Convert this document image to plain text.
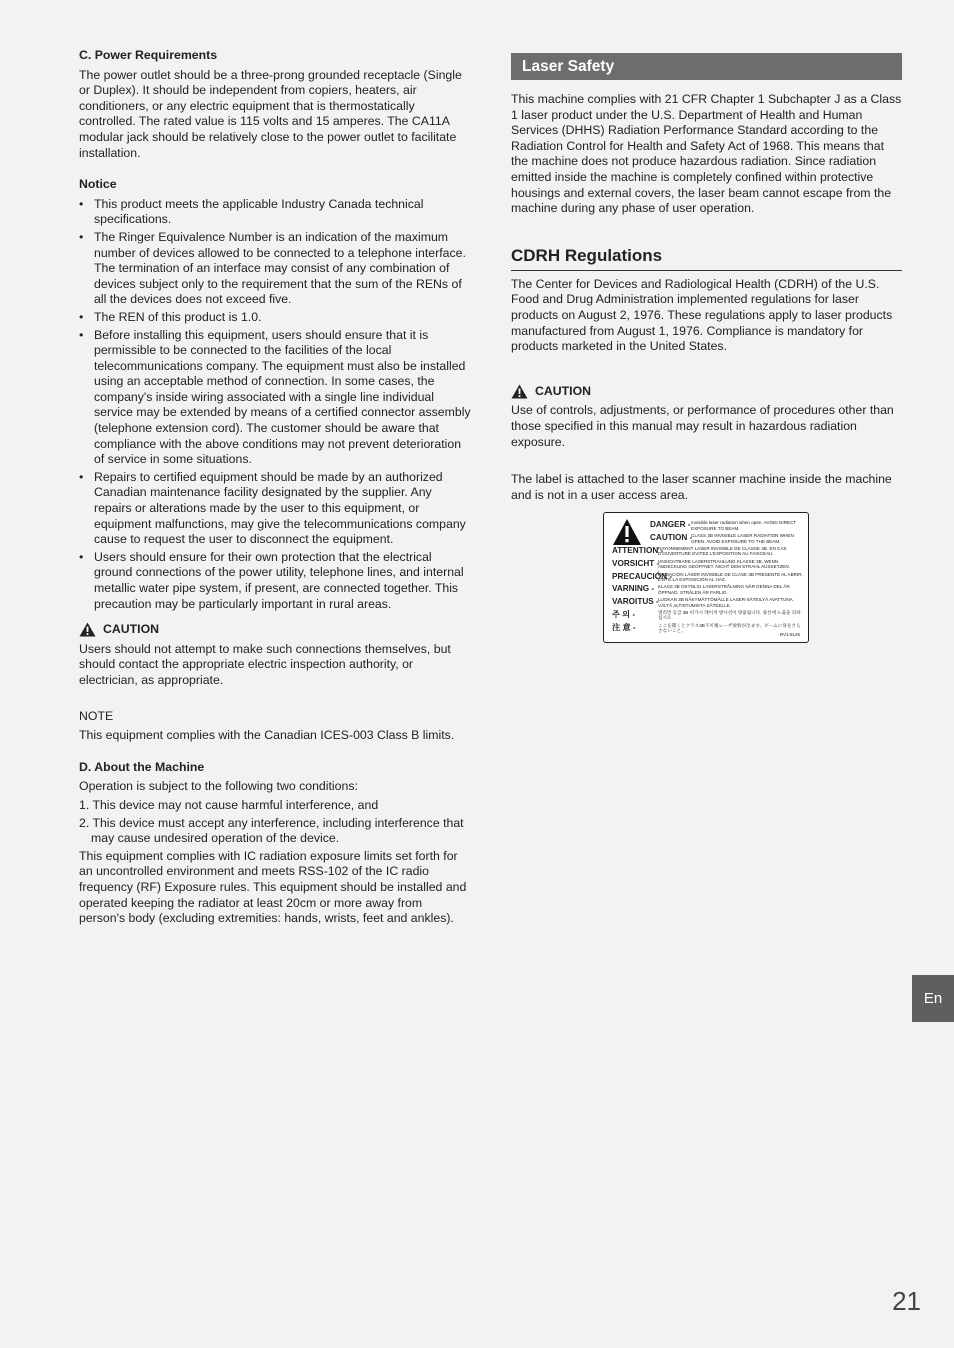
C. Power Requirements

The power outlet should be a three-prong grounded receptacle (Single or Duplex). It should be independent from copiers, heaters, air conditioners, or any electric equipment that is thermostatically controlled. The rated value is 115 volts and 15 amperes. The CA11A modular jack should be relatively close to the power outlet to facilitate installation.

Notice

• This product meets the applicable Industry Canada technical specifications.
• The Ringer Equivalence Number is an indication of the maximum number of devices allowed to be connected to a telephone interface. The termination of an interface may consist of any combination of devices subject only to the requirement that the sum of the RENs of all the devices does not exceed five.
• The REN of this product is 1.0.
• Before installing this equipment, users should ensure that it is permissible to be connected to the facilities of the local telecommunications company. The equipment must also be installed using an acceptable method of connection. In some cases, the company's inside wiring associated with a single line individual service may be extended by means of a certified connector assembly (telephone extension cord). The customer should be aware that compliance with the above conditions may not prevent deterioration of service in some situations.
• Repairs to certified equipment should be made by an authorized Canadian maintenance facility designated by the supplier. Any repairs or alterations made by the user to this equipment, or equipment malfunctions, may give the telecommunications company cause to request the user to disconnect the equipment.
• Users should ensure for their own protection that the electrical ground connections of the power utility, telephone lines, and internal metallic water pipe system, if present, are connected together. This precaution may be particularly important in rural areas.
CAUTION

Users should not attempt to make such connections themselves, but should contact the appropriate electric inspection authority, or electrician, as appropriate.

NOTE

This equipment complies with the Canadian ICES-003 Class B limits.

D. About the Machine

Operation is subject to the following two conditions:

1. This device may not cause harmful interference, and
2. This device must accept any interference, including interference that may cause undesired operation of the device.

This equipment complies with IC radiation exposure limits set forth for an uncontrolled environment and meets RSS-102 of the IC radio frequency (RF) Exposure rules. This equipment should be installed and operated keeping the radiator at least 20cm or more away from person's body (excluding extremities: hands, wrists, feet and ankles).

Laser Safety

This machine complies with 21 CFR Chapter 1 Subchapter J as a Class 1 laser product under the U.S. Department of Health and Human Services (DHHS) Radiation Performance Standard according to the Radiation Control for Health and Safety Act of 1968. This means that the machine does not produce hazardous radiation. Since radiation emitted inside the machine is completely confined within protective housings and external covers, the laser beam cannot escape from the machine during any phase of user operation.

CDRH Regulations

The Center for Devices and Radiological Health (CDRH) of the U.S. Food and Drug Administration implemented regulations for laser products on August 2, 1976. These regulations apply to laser products manufactured from August 1, 1976. Compliance is mandatory for products marketed in the United States.

CAUTION

Use of controls, adjustments, or performance of procedures other than those specified in this manual may result in hazardous radiation exposure.

The label is attached to the laser scanner machine inside the machine and is not in a user access area.

DANGER - Invisible laser radiation when open. AVOID DIRECT EXPOSURE TO BEAM.
CAUTION -
CLASS 3B INVISIBLE LASER RADIATION WHEN OPEN. AVOID EXPOSURE TO THE BEAM.
ATTENTION -
RAYONNEMENT LASER INVISIBLE DE CLASSE 3B. EN CAS D'OUVERTURE EVITEZ L'EXPOSITION AU FAISCEAU.
VORSICHT -
UNSICHTBARE LASERSTRAHLUNG KLASSE 3B, WENN ABDECKUNG GEOFFNET. NICHT DEM STRAHL AUSSETZEN.
PRECAUCIÓN -
RADIACIÓN LÁSER INVISIBLE DE CLASE 3B PRESENTE AL ABRIR. EVITE LA EXPOSICIÓN AL HAZ.
VARNING - KLASS 3B OSYNLIG LASERSTRÅLNING NÄR DENNA DEL ÄR ÖPPNAD. STRÅLEN ÄR FARLIG.
VAROITUS - LUOKAN 3B NÄKYMÄTTÖMÄLLE LASER-SÄTEILYÄ AVATTUNA. VÄLTÄ ALTISTUMISTA SÄTEELLE.
주 의 -	열리면 등급 3B 비가시 레이저 방사선이 방출됩니다. 광선에 노출을 피하십시오.
注 意 -	ここを開くとクラス3B不可視レーザ放射が出ます。ビームに身をさらさないこと。
RV1-8125
En
21
